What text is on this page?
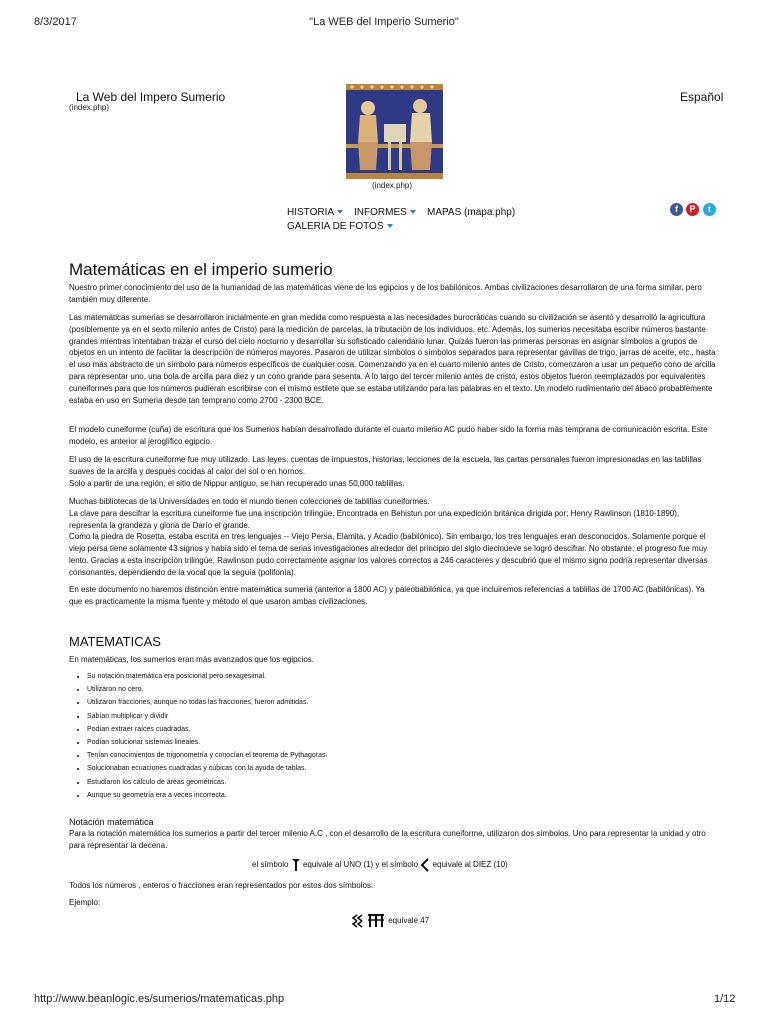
8/3/2017	"La WEB del Imperio Sumerio"
La Web del Impero Sumerio
(index.php)
Español
(index.php)
HISTORIA	INFORMES	MAPAS (mapa.php)
GALERIA DE FOTOS
f	P	t
Matemáticas en el imperio sumerio

Nuestro primer conocimiento del uso de la humanidad de las matemáticas viene de los egipcios y de los babilónicos. Ambas civilizaciones desarrollaron de una forma similar, pero también muy diferente.

Las matemáticas sumerias se desarrollaron inicialmente en gran medida como respuesta a las necesidades burocráticas cuando su civilización se asentó y desarrolló la agricultura (posiblemente ya en el sexto milenio antes de Cristo) para la medición de parcelas, la tributación de los individuos, etc. Además, los sumerios necesitaba escribir números bastante grandes mientras intentaban trazar el curso del cielo nocturno y desarrollar su sofisticado calendario lunar. Quizás fueron las primeras personas en asignar símbolos a grupos de objetos en un intento de facilitar la descripción de números mayores. Pasaron de utilizar símbolos o símbolos separados para representar gavillas de trigo, jarras de aceite, etc., hasta el uso más abstracto de un símbolo para números específicos de cualquier cosa. Comenzando ya en el cuarto milenio antes de Cristo, comenzaron a usar un pequeño cono de arcilla para representar uno, una bola de arcilla para diez y un cono grande para sesenta. A lo largo del tercer milenio antes de cristo, estos objetos fueron reemplazados por equivalentes cuneiformes para que los números pudieran escribirse con el mismo estilete que se estaba utilizando para las palabras en el texto. Un modelo rudimentario del ábaco probablemente estaba en uso en Sumeria desde tan temprano como 2700 - 2300 BCE.

El modelo cuneiforme (cuña) de escritura que los Sumerios habían desarrollado durante el cuarto milenio AC pudo haber sido la forma más temprana de comunicación escrita. Este modelo, es anterior al jeroglífico egipcio.

El uso de la escritura cuneiforme fue muy utilizado. Las leyes, cuentas de impuestos, historias, lecciones de la escuela, las cartas personales fueron impresionadas en las tablillas suaves de la arcilla y después cocidas al calor del sol o en hornos.

Solo a partir de una región, el sitio de Nippur antiguo, se han recuperado unas 50,000 tablillas.

Muchas bibliotecas de la Universidades en todo el mundo tienen colecciones de tablillas cuneiformes.

La clave para descifrar la escritura cuneiforme fue una inscripción trilingüe. Encontrada en Behistun por una expedición británica dirigida por; Henry Rawlinson (1810-1890), representa la grandeza y gloria de Darío el grande.

Como la piedra de Rosetta, estaba escrita en tres lenguajes -- Viejo Persa, Elamita, y Acadio (babilónico). Sin embargo, los tres lenguajes eran desconocidos. Solamente porque el viejo persa tiene solamente 43 signos y había sido el tema de serias investigaciones alrededor del principio del siglo diecinueve se logró descifrar. No obstante, el progreso fue muy lento. Gracias a esta inscripción trilingüe, Rawlinson pudo correctamente asignar los valores correctos a 246 caracteres y descubrió que el mismo signo podría representar diversas consonantes, dependiendo de la vocal que la seguía (polifonía).

En este documento no haremos distinción entre matemática sumeria (anterior a 1800 AC) y paleobabilónica, ya que incluiremos referencias a tablillas de 1700 AC (babilónicas). Ya que es practicamente la misma fuente y método el que usaron ambas civilizaciones.

MATEMATICAS
En matemáticas, los sumerios eran más avanzados que los egipcios.
• Su notación matemática era posicional pero sexagesimal.
• Utilizaron no cero.
• Utilizaron fracciones, aunque no todas las fracciones, fueron admitidas.
• Sabían multiplicar y dividir
• Podían extraer raíces cuadradas.
• Podían solucionar sistemas lineales.
• Tenían conocimientos de trigonometría y conocían el teorema de Pythagoras.
• Solucionaban ecuaciones cuadradas y cúbicas con la ayuda de tablas.
• Estudiaron los cálculo de áreas geométricas.
• Aunque su geometría era a veces incorrecta.
Notación matemática
Para la notación matemática los sumerios a partir del tercer milenio A.C , con el desarrollo de la escritura cuneiforme, utilizaron dos símbolos. Uno para representar la unidad y otro para representar la decena.
el símbolo equivale al UNO (1) y el símbolo equivale al DIEZ (10)
Todos los números , enteros o fracciones eran representados por estos dos símbolos:
Ejemplo:
equivale 47
http://www.beanlogic.es/sumerios/matematicas.php	1/12
